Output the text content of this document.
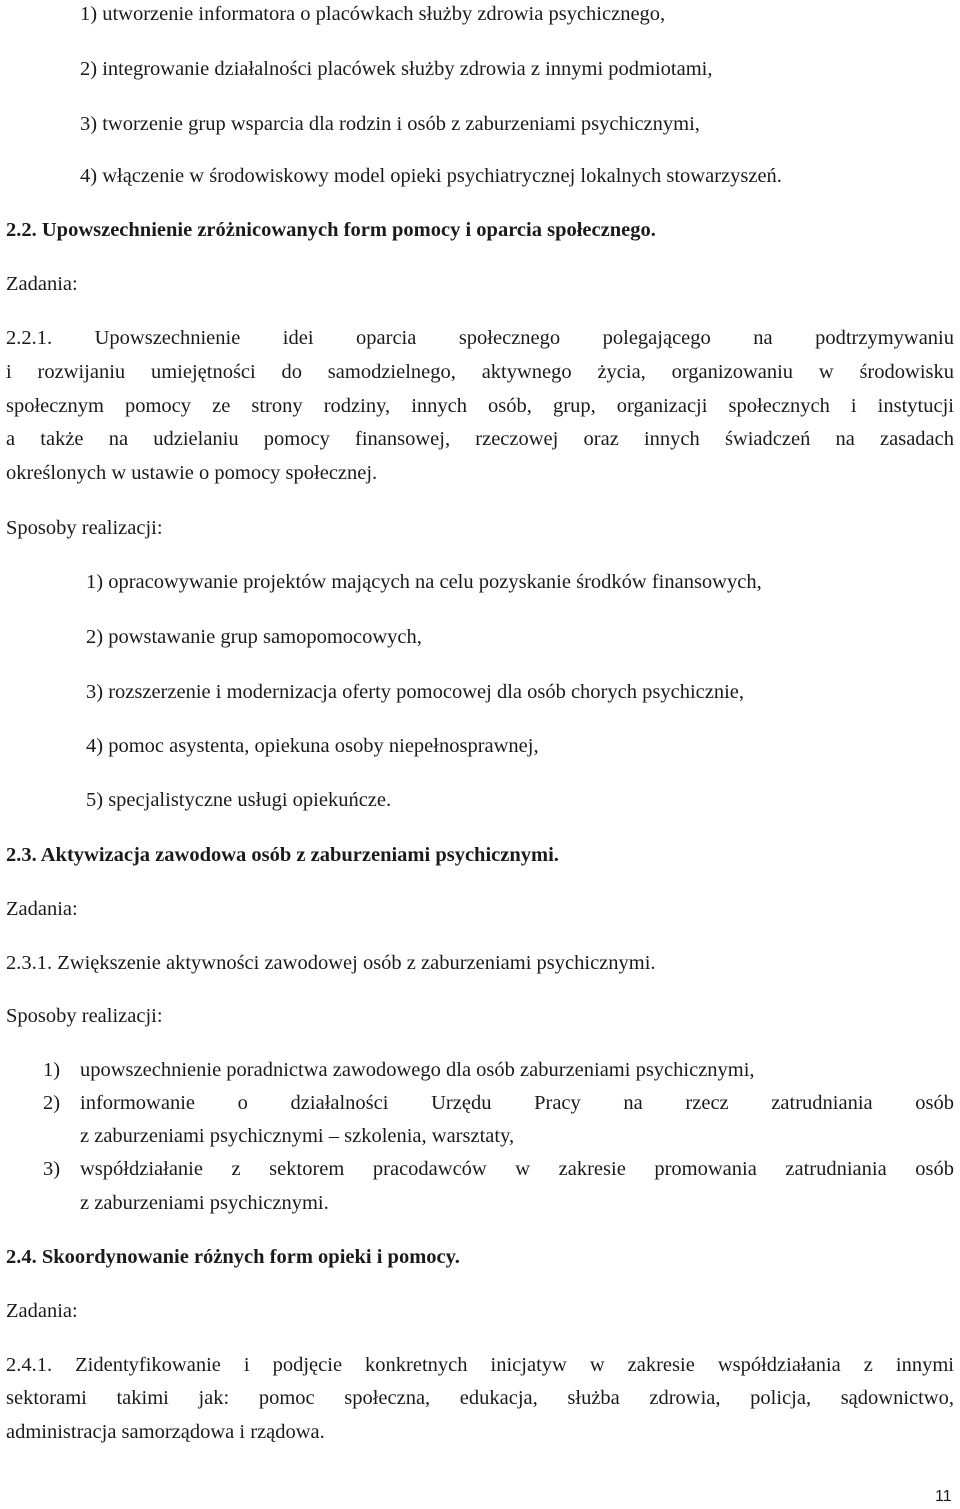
1) utworzenie informatora o placówkach służby zdrowia psychicznego,
2) integrowanie działalności placówek służby zdrowia z innymi podmiotami,
3) tworzenie grup wsparcia dla rodzin i osób z zaburzeniami psychicznymi,
4) włączenie w środowiskowy model opieki psychiatrycznej lokalnych stowarzyszeń.
2.2. Upowszechnienie zróżnicowanych form pomocy i oparcia społecznego.
Zadania:
2.2.1. Upowszechnienie idei oparcia społecznego polegającego na podtrzymywaniu
i rozwijaniu umiejętności do samodzielnego, aktywnego życia, organizowaniu w środowisku
społecznym pomocy ze strony rodziny, innych osób, grup, organizacji społecznych i instytucji
a także na udzielaniu pomocy finansowej, rzeczowej oraz innych świadczeń na zasadach
określonych w ustawie o pomocy społecznej.
Sposoby realizacji:
1) opracowywanie projektów mających na celu pozyskanie środków finansowych,
2) powstawanie grup samopomocowych,
3) rozszerzenie i modernizacja oferty pomocowej dla osób chorych psychicznie,
4) pomoc asystenta, opiekuna osoby niepełnosprawnej,
5) specjalistyczne usługi opiekuńcze.
2.3. Aktywizacja zawodowa osób z zaburzeniami psychicznymi.
Zadania:
2.3.1. Zwiększenie aktywności zawodowej osób z zaburzeniami psychicznymi.
Sposoby realizacji:
1) upowszechnienie poradnictwa zawodowego dla osób zaburzeniami psychicznymi,
2) informowanie o działalności Urzędu Pracy na rzecz zatrudniania osób
z zaburzeniami psychicznymi – szkolenia, warsztaty,
3) współdziałanie z sektorem pracodawców w zakresie promowania zatrudniania osób
z zaburzeniami psychicznymi.
2.4. Skoordynowanie różnych form opieki i pomocy.
Zadania:
2.4.1. Zidentyfikowanie i podjęcie konkretnych inicjatyw w zakresie współdziałania z innymi
sektorami takimi jak: pomoc społeczna, edukacja, służba zdrowia, policja, sądownictwo,
administracja samorządowa i rządowa.
11
